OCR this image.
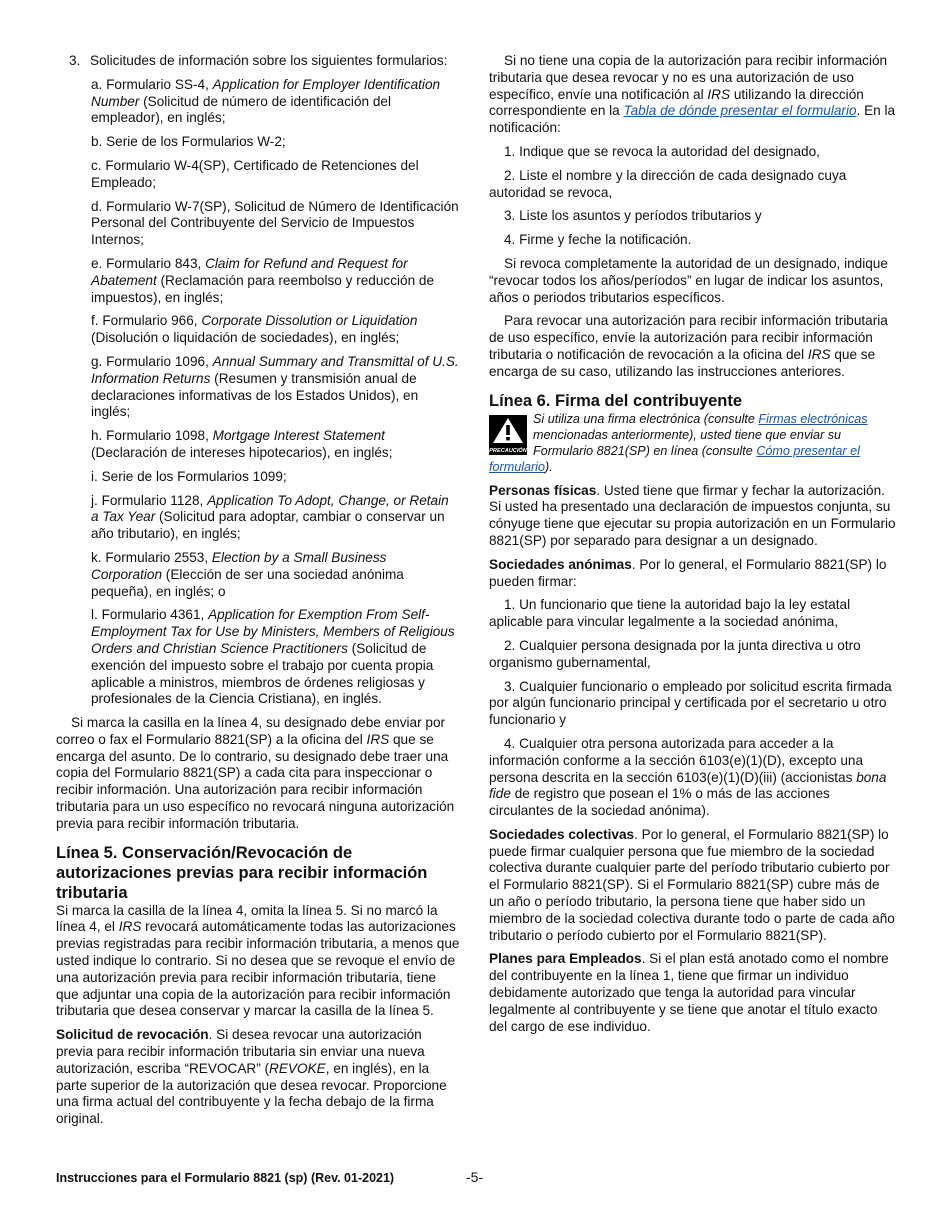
3. Solicitudes de información sobre los siguientes formularios:

a. Formulario SS-4, Application for Employer Identification Number (Solicitud de número de identificación del empleador), en inglés;

b. Serie de los Formularios W-2;

c. Formulario W-4(SP), Certificado de Retenciones del Empleado;

d. Formulario W-7(SP), Solicitud de Número de Identificación Personal del Contribuyente del Servicio de Impuestos Internos;

e. Formulario 843, Claim for Refund and Request for Abatement (Reclamación para reembolso y reducción de impuestos), en inglés;

f. Formulario 966, Corporate Dissolution or Liquidation (Disolución o liquidación de sociedades), en inglés;

g. Formulario 1096, Annual Summary and Transmittal of U.S. Information Returns (Resumen y transmisión anual de declaraciones informativas de los Estados Unidos), en inglés;

h. Formulario 1098, Mortgage Interest Statement (Declaración de intereses hipotecarios), en inglés;

i. Serie de los Formularios 1099;

j. Formulario 1128, Application To Adopt, Change, or Retain a Tax Year (Solicitud para adoptar, cambiar o conservar un año tributario), en inglés;

k. Formulario 2553, Election by a Small Business Corporation (Elección de ser una sociedad anónima pequeña), en inglés; o

l. Formulario 4361, Application for Exemption From Self-Employment Tax for Use by Ministers, Members of Religious Orders and Christian Science Practitioners (Solicitud de exención del impuesto sobre el trabajo por cuenta propia aplicable a ministros, miembros de órdenes religiosas y profesionales de la Ciencia Cristiana), en inglés.

Si marca la casilla en la línea 4, su designado debe enviar por correo o fax el Formulario 8821(SP) a la oficina del IRS que se encarga del asunto. De lo contrario, su designado debe traer una copia del Formulario 8821(SP) a cada cita para inspeccionar o recibir información. Una autorización para recibir información tributaria para un uso específico no revocará ninguna autorización previa para recibir información tributaria.

Línea 5. Conservación/Revocación de autorizaciones previas para recibir información tributaria

Si marca la casilla de la línea 4, omita la línea 5. Si no marcó la línea 4, el IRS revocará automáticamente todas las autorizaciones previas registradas para recibir información tributaria, a menos que usted indique lo contrario. Si no desea que se revoque el envío de una autorización previa para recibir información tributaria, tiene que adjuntar una copia de la autorización para recibir información tributaria que desea conservar y marcar la casilla de la línea 5.

Solicitud de revocación. Si desea revocar una autorización previa para recibir información tributaria sin enviar una nueva autorización, escriba “REVOCAR” (REVOKE, en inglés), en la parte superior de la autorización que desea revocar. Proporcione una firma actual del contribuyente y la fecha debajo de la firma original.

Si no tiene una copia de la autorización para recibir información tributaria que desea revocar y no es una autorización de uso específico, envíe una notificación al IRS utilizando la dirección correspondiente en la Tabla de dónde presentar el formulario. En la notificación:

1. Indique que se revoca la autoridad del designado,

2. Liste el nombre y la dirección de cada designado cuya autoridad se revoca,

3. Liste los asuntos y períodos tributarios y

4. Firme y feche la notificación.

Si revoca completamente la autoridad de un designado, indique “revocar todos los años/períodos” en lugar de indicar los asuntos, años o periodos tributarios específicos.

Para revocar una autorización para recibir información tributaria de uso específico, envíe la autorización para recibir información tributaria o notificación de revocación a la oficina del IRS que se encarga de su caso, utilizando las instrucciones anteriores.

Línea 6. Firma del contribuyente
PRECAUCIÓN
Si utiliza una firma electrónica (consulte Firmas electrónicas mencionadas anteriormente), usted tiene que enviar su Formulario 8821(SP) en línea (consulte Cómo presentar el formulario).

Personas físicas. Usted tiene que firmar y fechar la autorización. Si usted ha presentado una declaración de impuestos conjunta, su cónyuge tiene que ejecutar su propia autorización en un Formulario 8821(SP) por separado para designar a un designado.

Sociedades anónimas. Por lo general, el Formulario 8821(SP) lo pueden firmar:

1. Un funcionario que tiene la autoridad bajo la ley estatal aplicable para vincular legalmente a la sociedad anónima,

2. Cualquier persona designada por la junta directiva u otro organismo gubernamental,

3. Cualquier funcionario o empleado por solicitud escrita firmada por algún funcionario principal y certificada por el secretario u otro funcionario y

4. Cualquier otra persona autorizada para acceder a la información conforme a la sección 6103(e)(1)(D), excepto una persona descrita en la sección 6103(e)(1)(D)(iii) (accionistas bona fide de registro que posean el 1% o más de las acciones circulantes de la sociedad anónima).

Sociedades colectivas. Por lo general, el Formulario 8821(SP) lo puede firmar cualquier persona que fue miembro de la sociedad colectiva durante cualquier parte del período tributario cubierto por el Formulario 8821(SP). Si el Formulario 8821(SP) cubre más de un año o período tributario, la persona tiene que haber sido un miembro de la sociedad colectiva durante todo o parte de cada año tributario o período cubierto por el Formulario 8821(SP).

Planes para Empleados. Si el plan está anotado como el nombre del contribuyente en la línea 1, tiene que firmar un individuo debidamente autorizado que tenga la autoridad para vincular legalmente al contribuyente y se tiene que anotar el título exacto del cargo de ese individuo.

Instrucciones para el Formulario 8821 (sp) (Rev. 01-2021)	-5-
